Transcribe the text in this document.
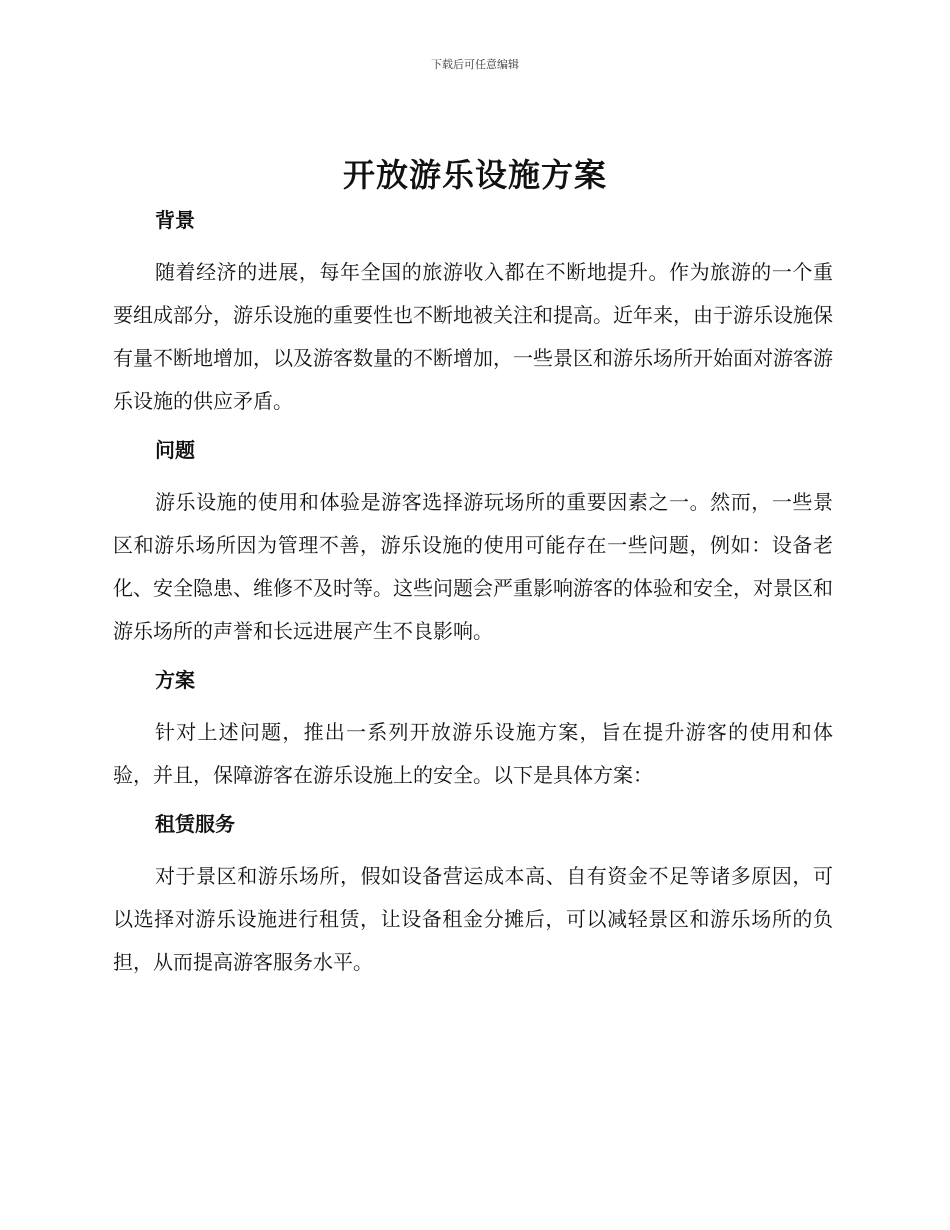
下载后可任意编辑
开放游乐设施方案
背景

随着经济的进展，每年全国的旅游收入都在不断地提升。作为旅游的一个重要组成部分，游乐设施的重要性也不断地被关注和提高。近年来，由于游乐设施保有量不断地增加，以及游客数量的不断增加，一些景区和游乐场所开始面对游客游乐设施的供应矛盾。

问题

游乐设施的使用和体验是游客选择游玩场所的重要因素之一。然而，一些景区和游乐场所因为管理不善，游乐设施的使用可能存在一些问题，例如：设备老化、安全隐患、维修不及时等。这些问题会严重影响游客的体验和安全，对景区和游乐场所的声誉和长远进展产生不良影响。

方案

针对上述问题，推出一系列开放游乐设施方案，旨在提升游客的使用和体验，并且，保障游客在游乐设施上的安全。以下是具体方案：

租赁服务

对于景区和游乐场所，假如设备营运成本高、自有资金不足等诸多原因，可以选择对游乐设施进行租赁，让设备租金分摊后，可以减轻景区和游乐场所的负担，从而提高游客服务水平。
